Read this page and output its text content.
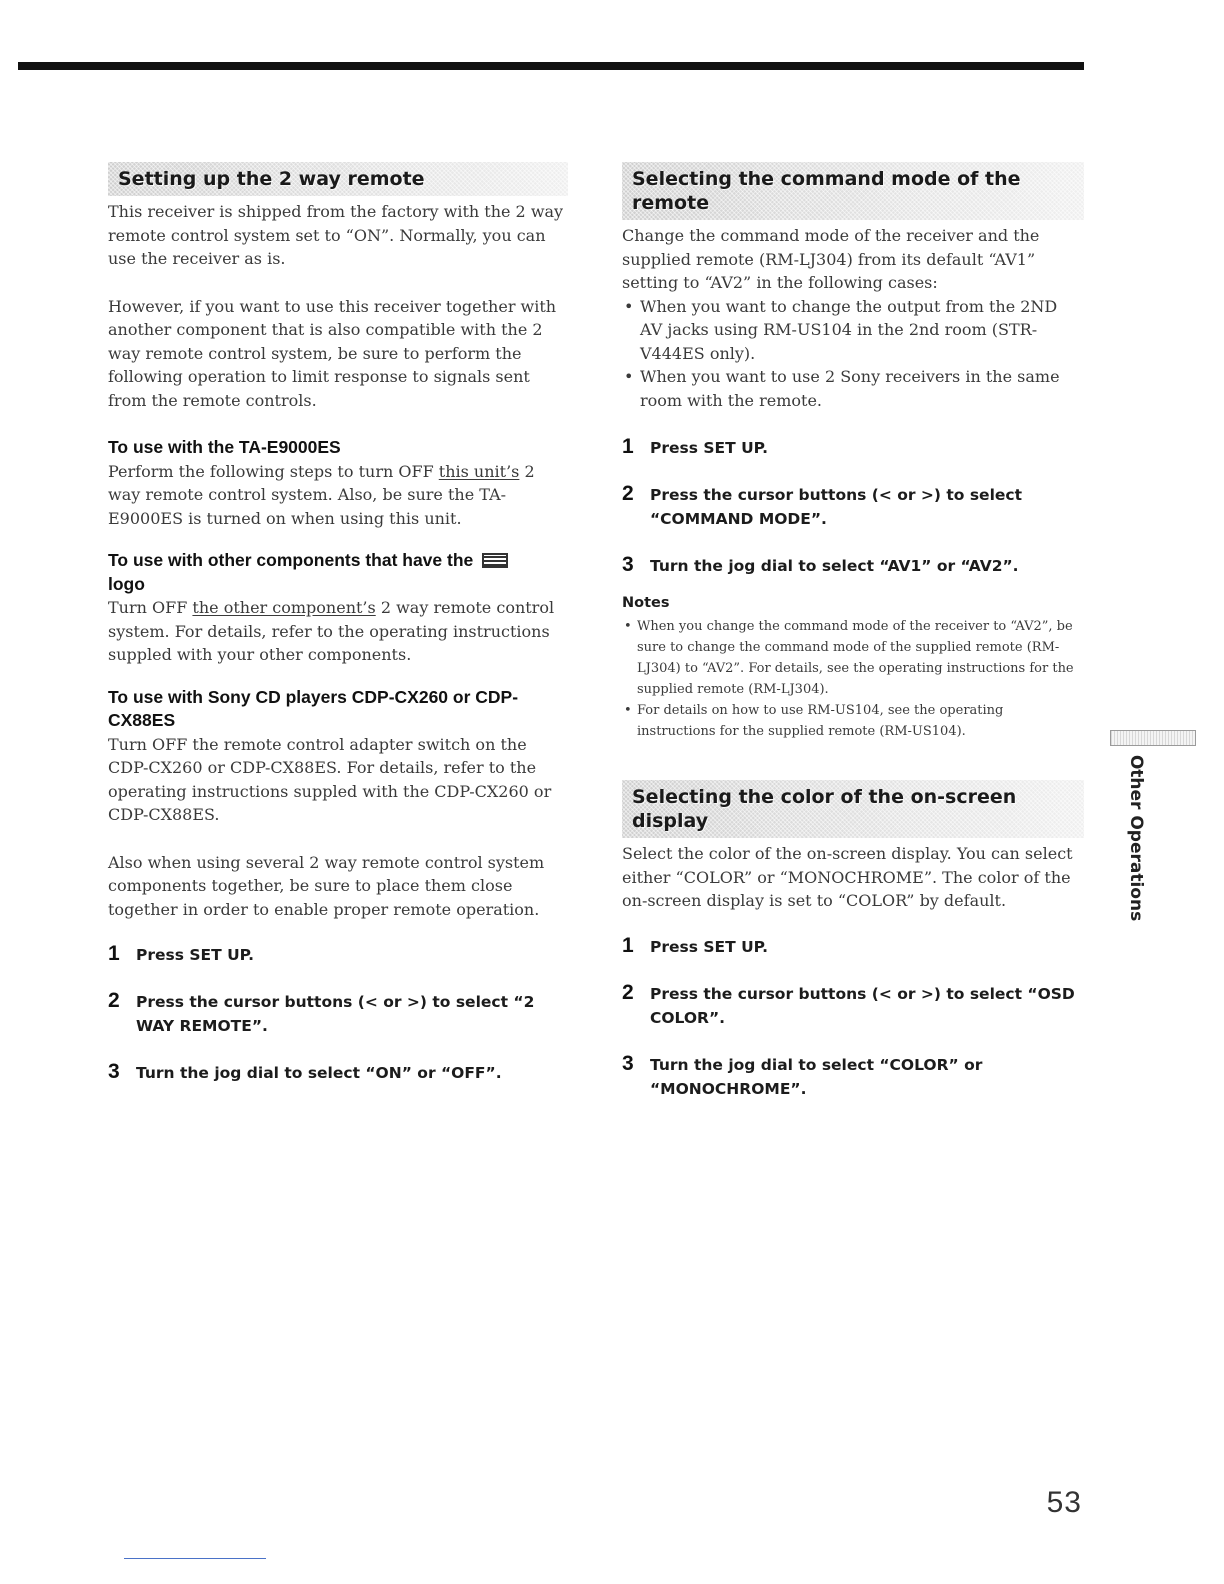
Setting up the 2 way remote

This receiver is shipped from the factory with the 2 way remote control system set to “ON”. Normally, you can use the receiver as is.

However, if you want to use this receiver together with another component that is also compatible with the 2 way remote control system, be sure to perform the following operation to limit response to signals sent from the remote controls.

To use with the TA-E9000ES

Perform the following steps to turn OFF this unit’s 2 way remote control system. Also, be sure the TA-E9000ES is turned on when using this unit.

To use with other components that have the
logo

Turn OFF the other component’s 2 way remote control system. For details, refer to the operating instructions suppled with your other components.

To use with Sony CD players CDP-CX260 or CDP-CX88ES

Turn OFF the remote control adapter switch on the CDP-CX260 or CDP-CX88ES. For details, refer to the operating instructions suppled with the CDP-CX260 or CDP-CX88ES.

Also when using several 2 way remote control system components together, be sure to place them close together in order to enable proper remote operation.

1	Press SET UP.
2	Press the cursor buttons (< or >) to select “2 WAY REMOTE”.
3	Turn the jog dial to select “ON” or “OFF”.
Selecting the command mode of the remote

Change the command mode of the receiver and the supplied remote (RM-LJ304) from its default “AV1” setting to “AV2” in the following cases:

• When you want to change the output from the 2ND AV jacks using RM-US104 in the 2nd room (STR-V444ES only).
• When you want to use 2 Sony receivers in the same room with the remote.
1	Press SET UP.
2	Press the cursor buttons (< or >) to select “COMMAND MODE”.
3	Turn the jog dial to select “AV1” or “AV2”.

Notes

• When you change the command mode of the receiver to “AV2”, be sure to change the command mode of the supplied remote (RM-LJ304) to “AV2”. For details, see the operating instructions for the supplied remote (RM-LJ304).
• For details on how to use RM-US104, see the operating instructions for the supplied remote (RM-US104).
Selecting the color of the on-screen display

Select the color of the on-screen display. You can select either “COLOR” or “MONOCHROME”. The color of the on-screen display is set to “COLOR” by default.

1	Press SET UP.
2	Press the cursor buttons (< or >) to select “OSD COLOR”.
3	Turn the jog dial to select “COLOR” or “MONOCHROME”.
Other Operations
53
